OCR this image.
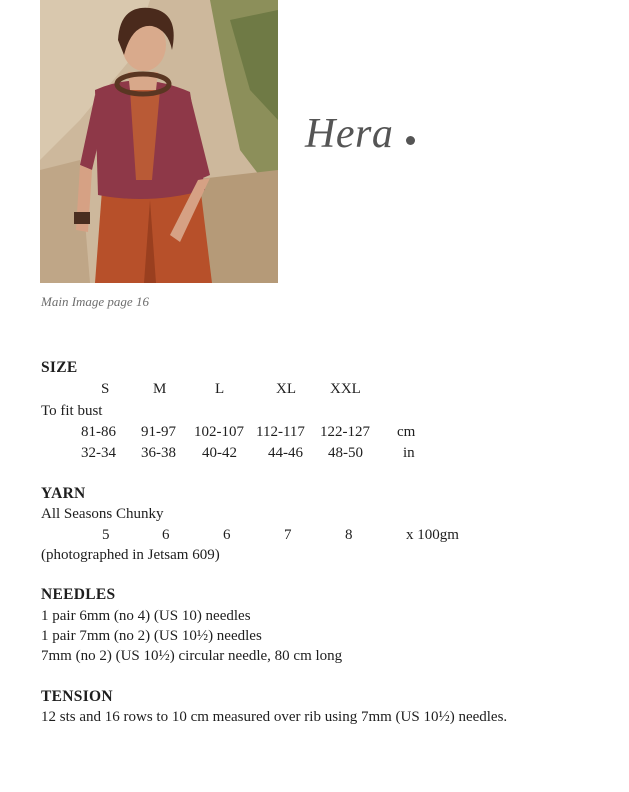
Main Image page 16
Hera
SIZE
S	M	L	XL XXL
To fit bust
81-86 91-97 102-107 112-117 122-127 cm
32-34 36-38 40-42 44-46 48-50	in
YARN
All Seasons Chunky
5	6	6	7	8	x 100gm
(photographed in Jetsam 609)
NEEDLES
1 pair 6mm (no 4) (US 10) needles
1 pair 7mm (no 2) (US 10½) needles
7mm (no 2) (US 10½) circular needle, 80 cm long
TENSION
12 sts and 16 rows to 10 cm measured over rib using 7mm (US 10½) needles.
